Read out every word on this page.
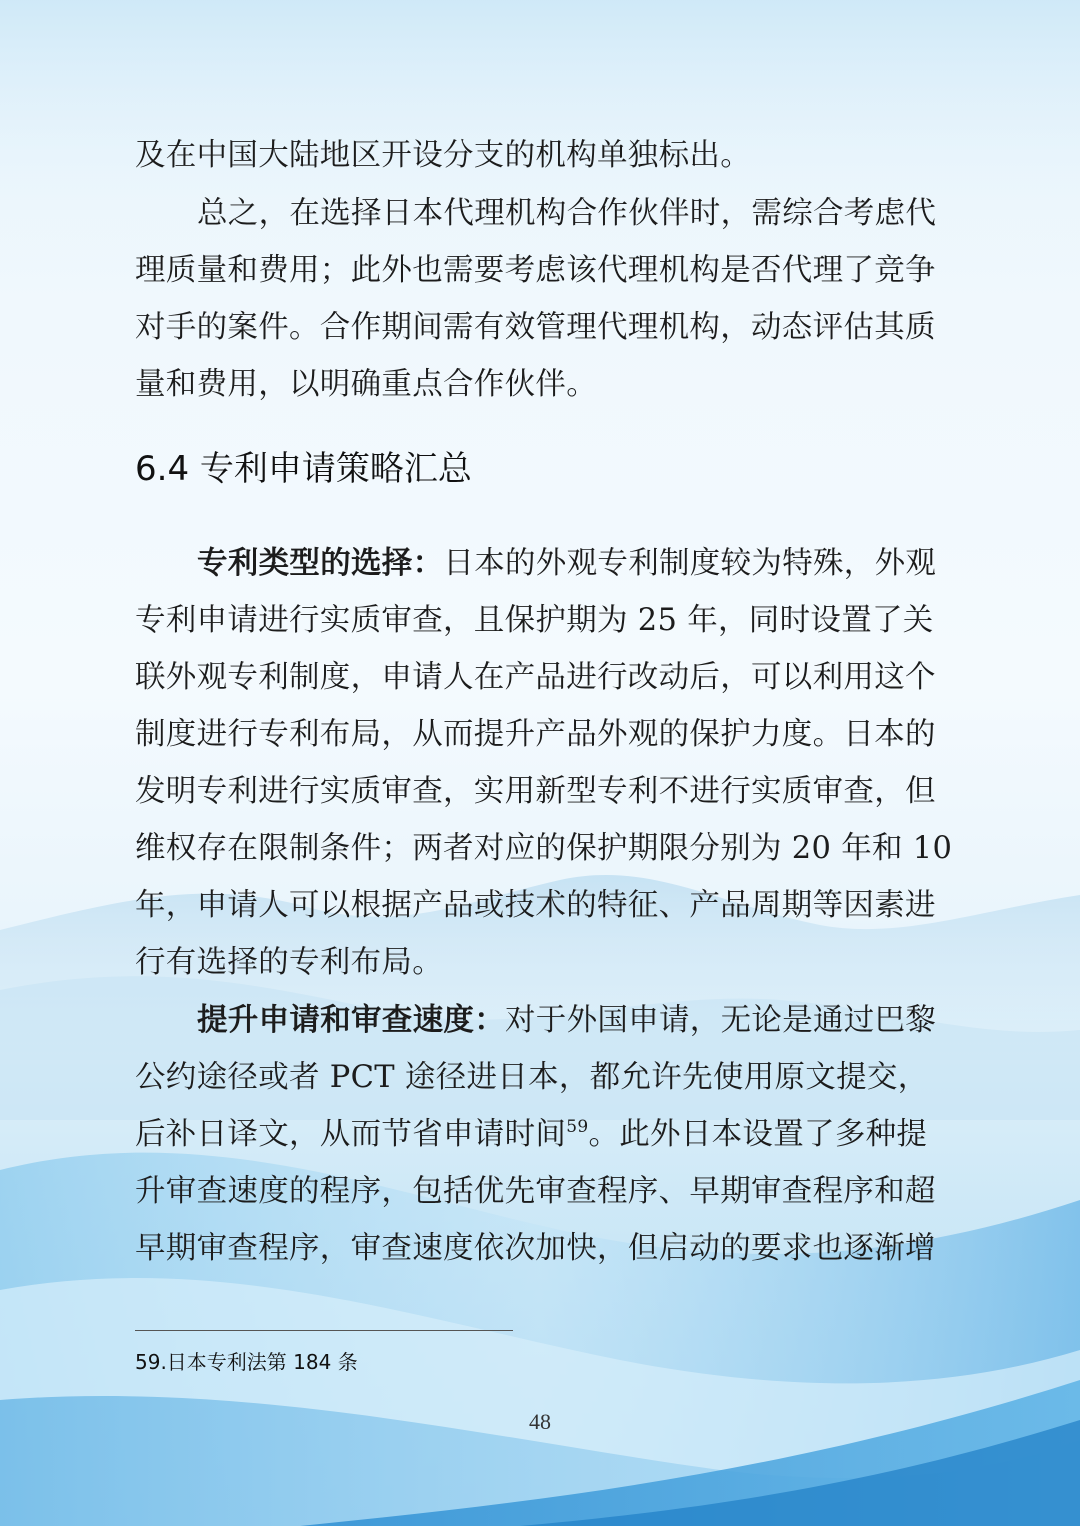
及在中国大陆地区开设分支的机构单独标出。
总之，在选择日本代理机构合作伙伴时，需综合考虑代
理质量和费用；此外也需要考虑该代理机构是否代理了竞争
对手的案件。合作期间需有效管理代理机构，动态评估其质
量和费用，以明确重点合作伙伴。
6.4 专利申请策略汇总
专利类型的选择：日本的外观专利制度较为特殊，外观
专利申请进行实质审查，且保护期为 25 年，同时设置了关
联外观专利制度，申请人在产品进行改动后，可以利用这个
制度进行专利布局，从而提升产品外观的保护力度。日本的
发明专利进行实质审查，实用新型专利不进行实质审查，但
维权存在限制条件；两者对应的保护期限分别为 20 年和 10
年，申请人可以根据产品或技术的特征、产品周期等因素进
行有选择的专利布局。
提升申请和审查速度：对于外国申请，无论是通过巴黎
公约途径或者 PCT 途径进日本，都允许先使用原文提交，
后补日译文，从而节省申请时间$^{59}$。此外日本设置了多种提
升审查速度的程序，包括优先审查程序、早期审查程序和超
早期审查程序，审查速度依次加快，但启动的要求也逐渐增
59.日本专利法第 184 条
48
